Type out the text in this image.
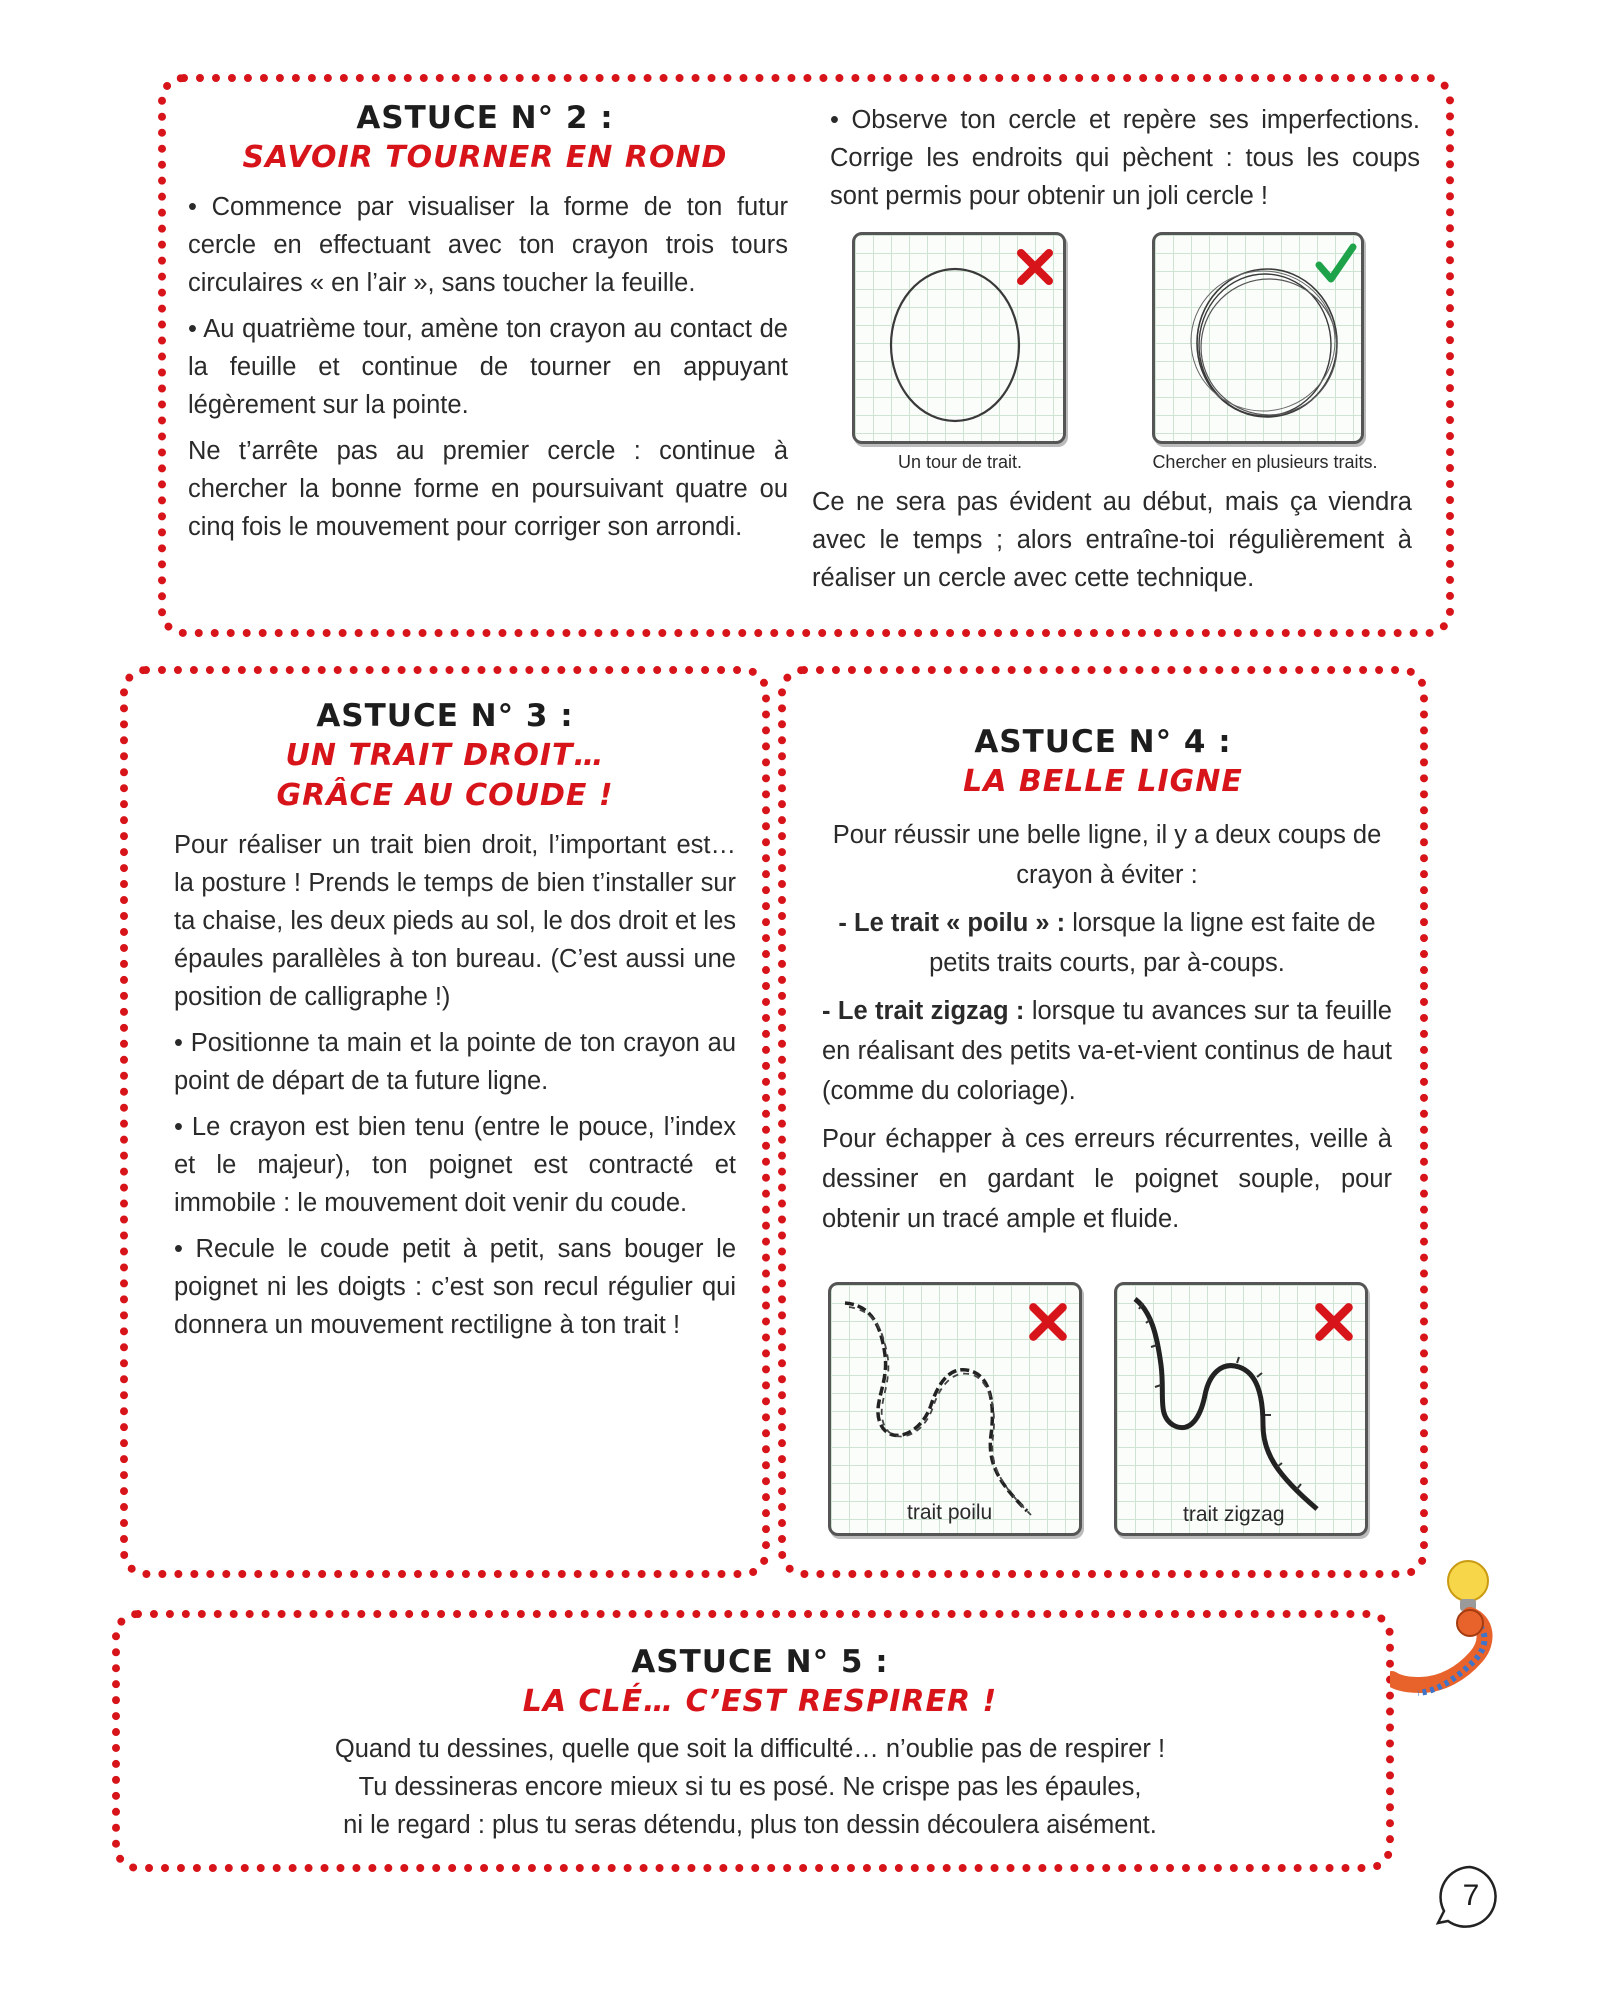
ASTUCE N° 2 :
SAVOIR TOURNER EN ROND

• Commence par visualiser la forme de ton futur cercle en effectuant avec ton crayon trois tours circulaires « en l’air », sans toucher la feuille.

• Au quatrième tour, amène ton crayon au contact de la feuille et continue de tourner en appuyant légèrement sur la pointe.

Ne t’arrête pas au premier cercle : continue à chercher la bonne forme en poursuivant quatre ou cinq fois le mouvement pour corriger son arrondi.

• Observe ton cercle et repère ses imperfections. Corrige les endroits qui pèchent : tous les coups sont permis pour obtenir un joli cercle !

Un tour de trait.	Chercher en plusieurs traits.

Ce ne sera pas évident au début, mais ça viendra avec le temps ; alors entraîne-toi régulièrement à réaliser un cercle avec cette technique.

ASTUCE N° 3 :
UN TRAIT DROIT…
GRÂCE AU COUDE !

Pour réaliser un trait bien droit, l’important est… la posture ! Prends le temps de bien t’installer sur ta chaise, les deux pieds au sol, le dos droit et les épaules parallèles à ton bureau. (C’est aussi une position de calligraphe !)

• Positionne ta main et la pointe de ton crayon au point de départ de ta future ligne.

• Le crayon est bien tenu (entre le pouce, l’index et le majeur), ton poignet est contracté et immobile : le mouvement doit venir du coude.

• Recule le coude petit à petit, sans bouger le poignet ni les doigts : c’est son recul régulier qui donnera un mouvement rectiligne à ton trait !

ASTUCE N° 4 :
LA BELLE LIGNE

Pour réussir une belle ligne, il y a deux coups de crayon à éviter :

- Le trait « poilu » : lorsque la ligne est faite de petits traits courts, par à-coups.

- Le trait zigzag : lorsque tu avances sur ta feuille en réalisant des petits va-et-vient continus de haut (comme du coloriage).

Pour échapper à ces erreurs récurrentes, veille à dessiner en gardant le poignet souple, pour obtenir un tracé ample et fluide.

trait poilu	trait zigzag
ASTUCE N° 5 :
LA CLÉ… C’EST RESPIRER !
Quand tu dessines, quelle que soit la difficulté… n’oublie pas de respirer !
Tu dessineras encore mieux si tu es posé. Ne crispe pas les épaules,
ni le regard : plus tu seras détendu, plus ton dessin découlera aisément.
7
